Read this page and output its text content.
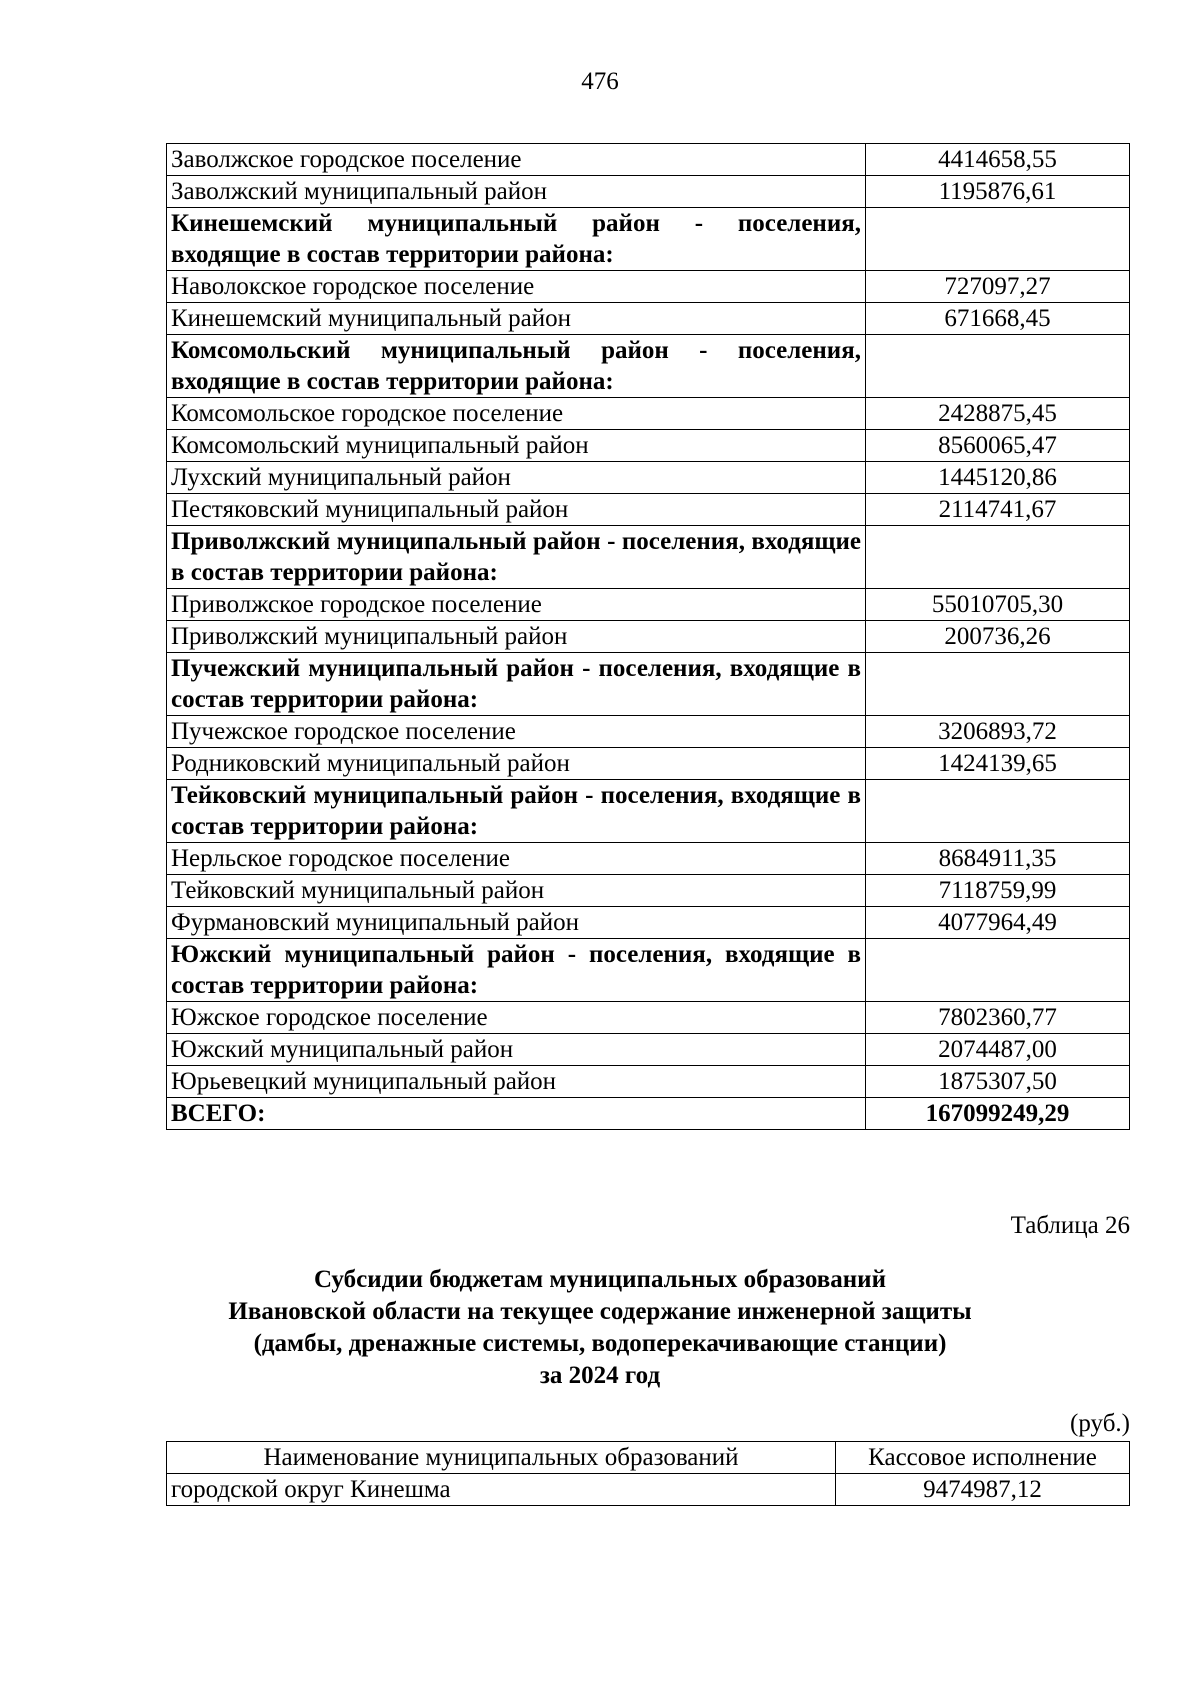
476
Заволжское городское поселение	4414658,55
Заволжский муниципальный район	1195876,61
Кинешемский муниципальный район - поселения, входящие в состав территории района:	
Наволокское городское поселение	727097,27
Кинешемский муниципальный район	671668,45
Комсомольский муниципальный район - поселения, входящие в состав территории района:	
Комсомольское городское поселение	2428875,45
Комсомольский муниципальный район	8560065,47
Лухский муниципальный район	1445120,86
Пестяковский муниципальный район	2114741,67
Приволжский муниципальный район - поселения, входящие в состав территории района:	
Приволжское городское поселение	55010705,30
Приволжский муниципальный район	200736,26
Пучежский муниципальный район - поселения, входящие в состав территории района:	
Пучежское городское поселение	3206893,72
Родниковский муниципальный район	1424139,65
Тейковский муниципальный район - поселения, входящие в состав территории района:	
Нерльское городское поселение	8684911,35
Тейковский муниципальный район	7118759,99
Фурмановский муниципальный район	4077964,49
Южский муниципальный район - поселения, входящие в состав территории района:	
Южское городское поселение	7802360,77
Южский муниципальный район	2074487,00
Юрьевецкий муниципальный район	1875307,50
ВСЕГО:	167099249,29
Таблица 26
Субсидии бюджетам муниципальных образований
Ивановской области на текущее содержание инженерной защиты
(дамбы, дренажные системы, водоперекачивающие станции)
за 2024 год
(руб.)
Наименование муниципальных образований	Кассовое исполнение
городской округ Кинешма	9474987,12
